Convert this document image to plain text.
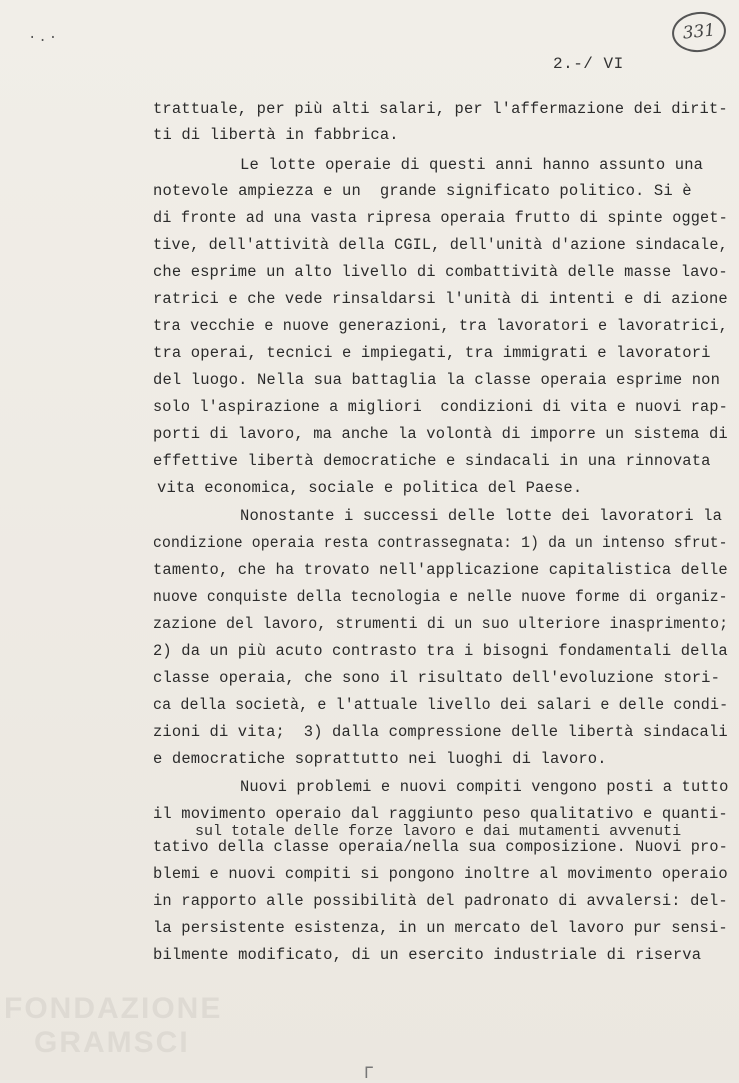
·.·	331
2.-/ VI
trattuale, per più alti salari, per l'affermazione dei dirit-
ti di libertà in fabbrica.
Le lotte operaie di questi anni hanno assunto una
notevole ampiezza e un  grande significato politico. Si è
di fronte ad una vasta ripresa operaia frutto di spinte ogget-
tive, dell'attività della CGIL, dell'unità d'azione sindacale,
che esprime un alto livello di combattività delle masse lavo-
ratrici e che vede rinsaldarsi l'unità di intenti e di azione
tra vecchie e nuove generazioni, tra lavoratori e lavoratrici,
tra operai, tecnici e impiegati, tra immigrati e lavoratori
del luogo. Nella sua battaglia la classe operaia esprime non
solo l'aspirazione a migliori  condizioni di vita e nuovi rap-
porti di lavoro, ma anche la volontà di imporre un sistema di
effettive libertà democratiche e sindacali in una rinnovata
vita economica, sociale e politica del Paese.
Nonostante i successi delle lotte dei lavoratori la
condizione operaia resta contrassegnata: 1) da un intenso sfrut-
tamento, che ha trovato nell'applicazione capitalistica delle
nuove conquiste della tecnologia e nelle nuove forme di organiz-
zazione del lavoro, strumenti di un suo ulteriore inasprimento;
2) da un più acuto contrasto tra i bisogni fondamentali della
classe operaia, che sono il risultato dell'evoluzione stori-
ca della società, e l'attuale livello dei salari e delle condi-
zioni di vita;  3) dalla compressione delle libertà sindacali
e democratiche soprattutto nei luoghi di lavoro.
Nuovi problemi e nuovi compiti vengono posti a tutto
il movimento operaio dal raggiunto peso qualitativo e quanti-
tativo della classe operaia/nella sua composizione. Nuovi pro-
blemi e nuovi compiti si pongono inoltre al movimento operaio
in rapporto alle possibilità del padronato di avvalersi: del-
la persistente esistenza, in un mercato del lavoro pur sensi-
bilmente modificato, di un esercito industriale di riserva
sul totale delle forze lavoro e dai mutamenti avvenuti
FONDAZIONE
GRAMSCI
ᒥ
